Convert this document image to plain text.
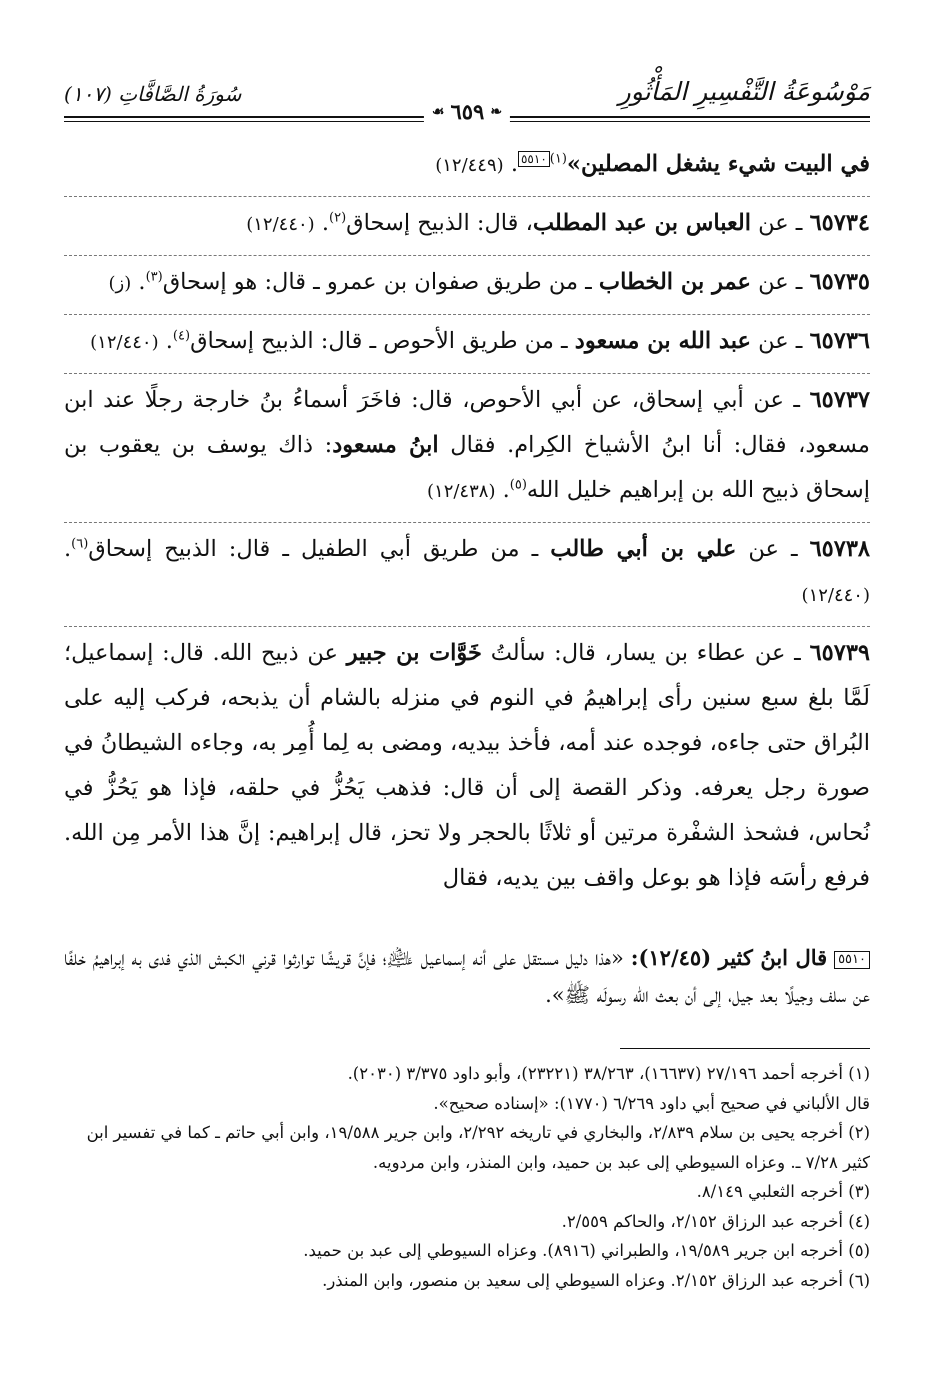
مَوْسُوعَةُ التَّفْسِيرِ المَأْثُورِ
سُورَةُ الصَّافَّاتِ (١٠٧)
❧
٦٥٩
☙

في البيت شيء يشغل المصلين»$^{(١)}$٥٥١٠. (١٢/٤٤٩)

٦٥٧٣٤ ـ عن العباس بن عبد المطلب، قال: الذبيح إسحاق$^{(٢)}$. (١٢/٤٤٠)

٦٥٧٣٥ ـ عن عمر بن الخطاب ـ من طريق صفوان بن عمرو ـ قال: هو إسحاق$^{(٣)}$. (ز)

٦٥٧٣٦ ـ عن عبد الله بن مسعود ـ من طريق الأحوص ـ قال: الذبيح إسحاق$^{(٤)}$. (١٢/٤٤٠)

٦٥٧٣٧ ـ عن أبي إسحاق، عن أبي الأحوص، قال: فاخَرَ أسماءُ بنُ خارجة رجلًا عند ابن مسعود، فقال: أنا ابنُ الأشياخ الكِرام. فقال ابنُ مسعود: ذاك يوسف بن يعقوب بن إسحاق ذبيح الله بن إبراهيم خليل الله$^{(٥)}$. (١٢/٤٣٨)

٦٥٧٣٨ ـ عن علي بن أبي طالب ـ من طريق أبي الطفيل ـ قال: الذبيح إسحاق$^{(٦)}$. (١٢/٤٤٠)

٦٥٧٣٩ ـ عن عطاء بن يسار، قال: سألتُ خَوَّات بن جبير عن ذبيح الله. قال: إسماعيل؛ لَمَّا بلغ سبع سنين رأى إبراهيمُ في النوم في منزله بالشام أن يذبحه، فركب إليه على البُراق حتى جاءه، فوجده عند أمه، فأخذ بيديه، ومضى به لِما أُمِر به، وجاءه الشيطانُ في صورة رجل يعرفه. وذكر القصة إلى أن قال: فذهب يَحُزُّ في حلقه، فإذا هو يَحُزُّ في نُحاس، فشحذ الشفْرة مرتين أو ثلاثًا بالحجر ولا تحز، قال إبراهيم: إنَّ هذا الأمر مِن الله. فرفع رأسَه فإذا هو بوعل واقف بين يديه، فقال

٥٥١٠ قال ابنُ كثير (١٢/٤٥): «هذا دليل مستقل على أنه إسماعيل ﵇؛ فإنَّ قريشًا توارثوا قرني الكبش الذي فدى به إبراهيمُ خلفًا عن سلف وجيلًا بعد جيل، إلى أن بعث الله رسولَه ﷺ».

(١) أخرجه أحمد ٢٧/١٩٦ (١٦٦٣٧)، ٣٨/٢٦٣ (٢٣٢٢١)، وأبو داود ٣/٣٧٥ (٢٠٣٠).

قال الألباني في صحيح أبي داود ٦/٢٦٩ (١٧٧٠): «إسناده صحيح».

(٢) أخرجه يحيى بن سلام ٢/٨٣٩، والبخاري في تاريخه ٢/٢٩٢، وابن جرير ١٩/٥٨٨، وابن أبي حاتم ـ كما في تفسير ابن كثير ٧/٢٨ ـ. وعزاه السيوطي إلى عبد بن حميد، وابن المنذر، وابن مردويه.

(٣) أخرجه الثعلبي ٨/١٤٩.

(٤) أخرجه عبد الرزاق ٢/١٥٢، والحاكم ٢/٥٥٩.

(٥) أخرجه ابن جرير ١٩/٥٨٩، والطبراني (٨٩١٦). وعزاه السيوطي إلى عبد بن حميد.

(٦) أخرجه عبد الرزاق ٢/١٥٢. وعزاه السيوطي إلى سعيد بن منصور، وابن المنذر.
